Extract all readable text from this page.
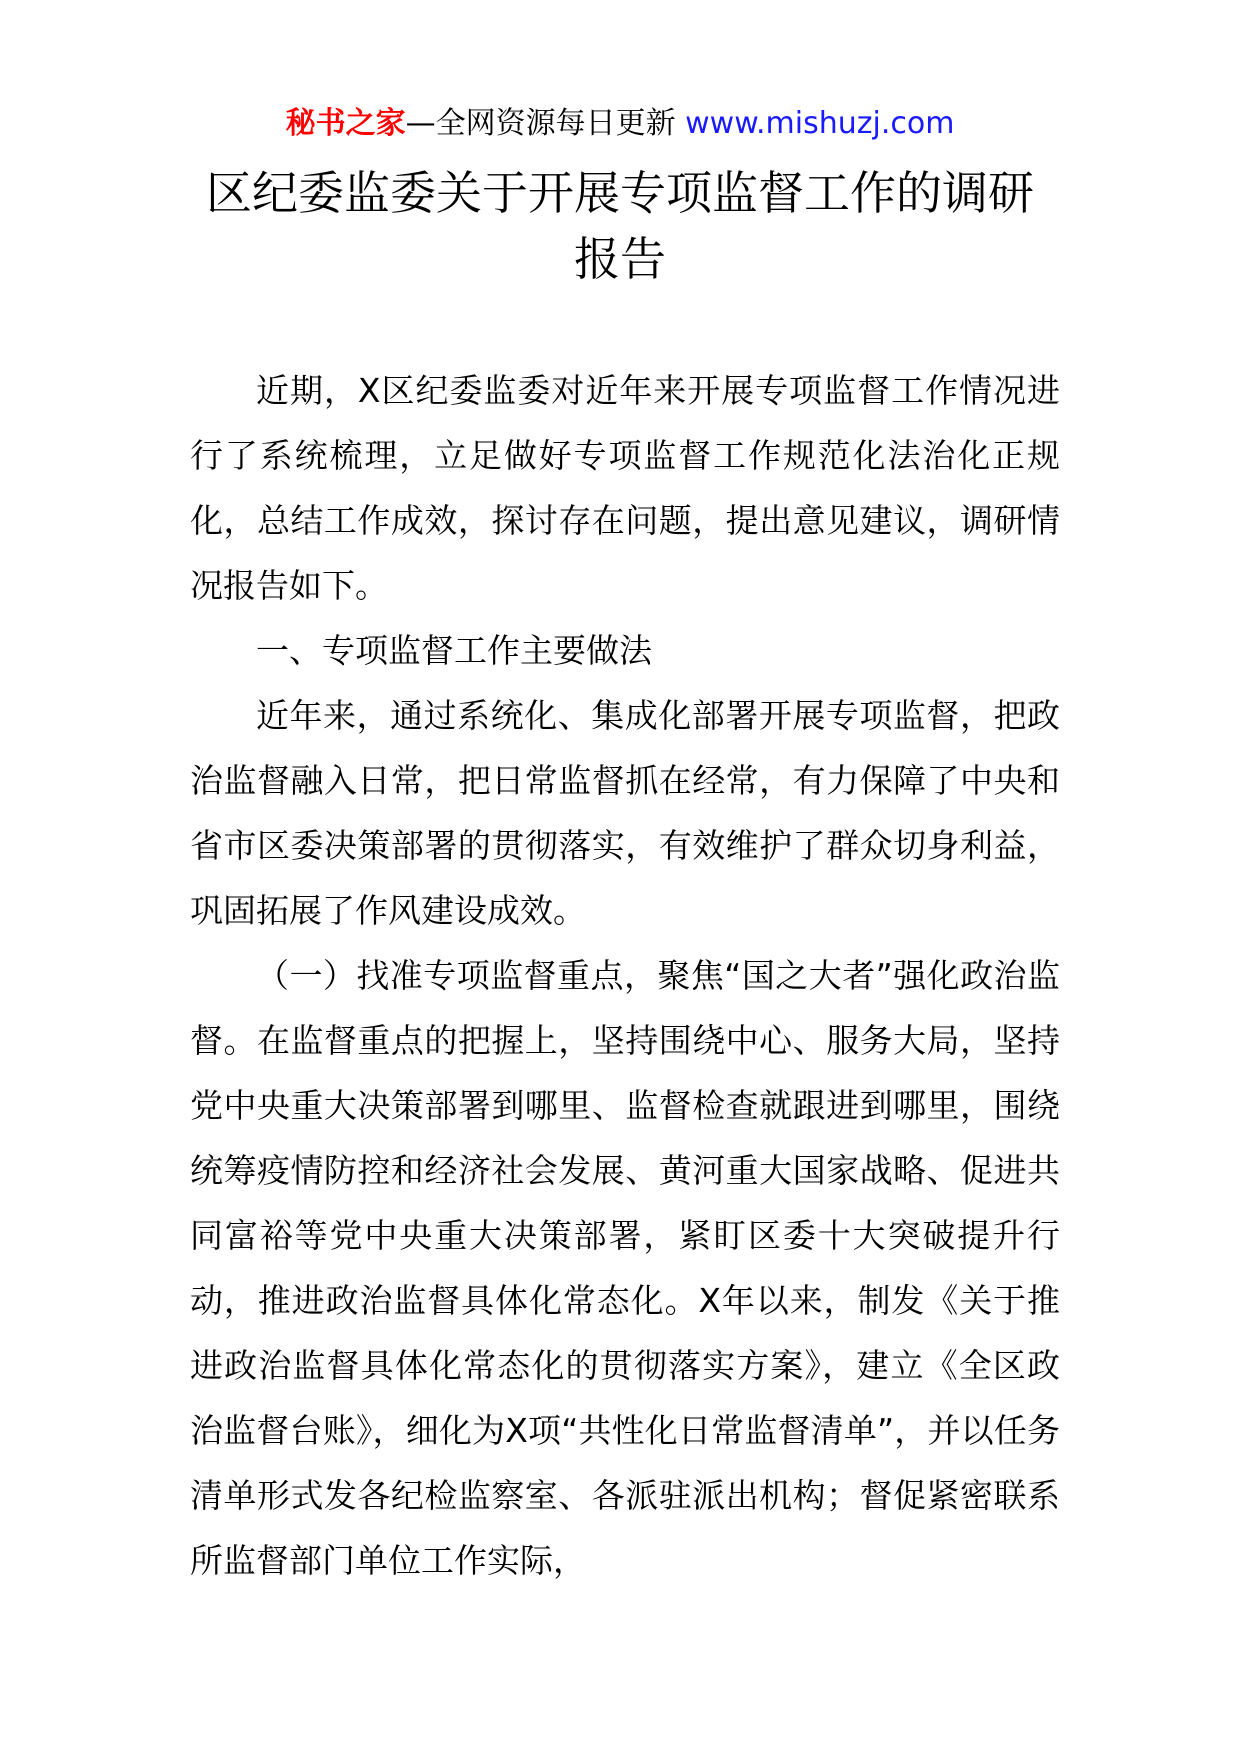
秘书之家—全网资源每日更新 www.mishuzj.com
区纪委监委关于开展专项监督工作的调研
报告

近期，X区纪委监委对近年来开展专项监督工作情况进行了系统梳理，立足做好专项监督工作规范化法治化正规化，总结工作成效，探讨存在问题，提出意见建议，调研情况报告如下。

一、专项监督工作主要做法

近年来，通过系统化、集成化部署开展专项监督，把政治监督融入日常，把日常监督抓在经常，有力保障了中央和省市区委决策部署的贯彻落实，有效维护了群众切身利益，巩固拓展了作风建设成效。

（一）找准专项监督重点，聚焦“国之大者”强化政治监督。在监督重点的把握上，坚持围绕中心、服务大局，坚持党中央重大决策部署到哪里、监督检查就跟进到哪里，围绕统筹疫情防控和经济社会发展、黄河重大国家战略、促进共同富裕等党中央重大决策部署，紧盯区委十大突破提升行动，推进政治监督具体化常态化。X年以来，制发《关于推进政治监督具体化常态化的贯彻落实方案》，建立《全区政治监督台账》，细化为X项“共性化日常监督清单”，并以任务清单形式发各纪检监察室、各派驻派出机构；督促紧密联系所监督部门单位工作实际，
